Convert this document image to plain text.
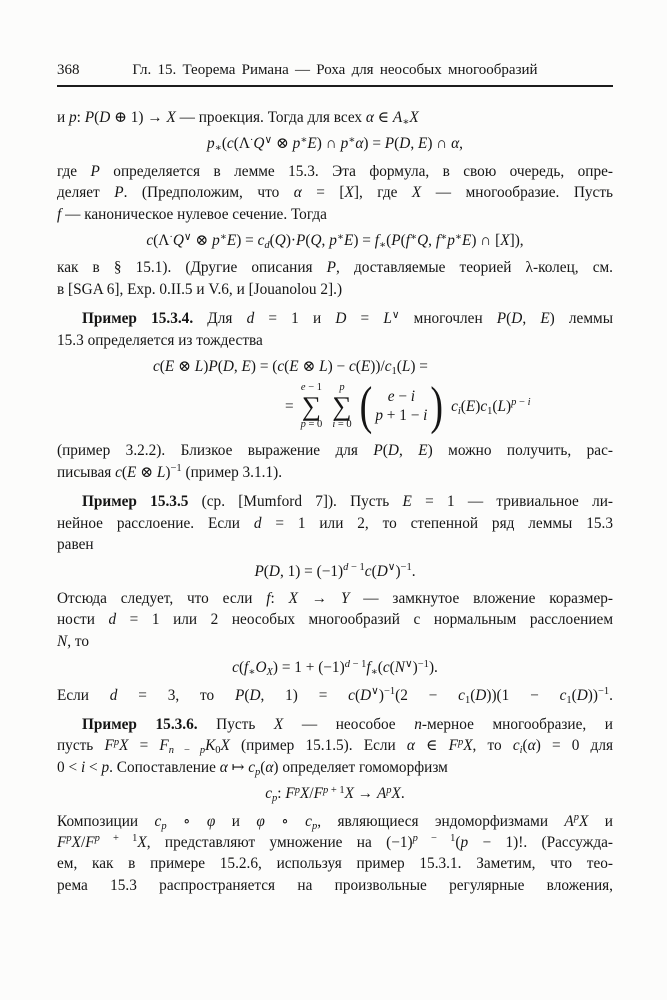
368	Гл. 15. Теорема Римана — Роха для неособых многообразий
и p: P(D ⊕ 1) → X — проекция. Тогда для всех α ∈ $A_∗X$
$p_∗(c(\Lambda^\cdot Q^\vee$ ⊗ p∗E) ∩ p∗α) = P(D, E) ∩ α,
где P определяется в лемме 15.3. Эта формула, в свою очередь, опре-
деляет P. (Предположим, что α = [X], где X — многообразие. Пусть
f — каноническое нулевое сечение. Тогда
c(Λ·Q∨ ⊗ $p^∗E) = c_d(Q)\cdot P(Q$, $p^∗E) = f_∗(P(f^∗Q$, f∗p∗E) ∩ [X]),
как в § 15.1). (Другие описания P, доставляемые теорией λ-колец, см.
в [SGA 6], Exp. 0.II.5 и V.6, и [Jouanolou 2].)
Пример 15.3.4. Для d = 1 и D = L∨ многочлен P(D, E) леммы
15.3 определяется из тождества
c(E ⊗ L)P(D, E) = (c(E ⊗ $L) - c(E))/c_1(L)$ =
=
e − 1
∑
p = 0
p
∑
i = 0 ( e − i
p + 1 − i ) $c_i(E)c_1(L)^{p - i}$
(пример 3.2.2). Близкое выражение для P(D, E) можно получить, рас-
писывая c(E ⊗ L)$^{-1}$ (пример 3.1.1).
Пример 15.3.5 (ср. [Mumford 7]). Пусть E = 1 — тривиальное ли-
нейное расслоение. Если d = 1 или 2, то степенной ряд леммы 15.3
равен
P(D, $1) = (-1)^{d - 1}c(D^\vee)^{-1}$.
Отсюда следует, что если f: X → Y — замкнутое вложение коразмер-
ности d = 1 или 2 неособых многообразий с нормальным расслоением
N, то
$c(f_∗O_X) = 1 + (-1)^{d - 1}f_∗(c(N^\vee)^{-1})$.
Если d = 3, то P(D, $1) = c(D^\vee)^{-1}(2 - c_1(D))(1 - c_1(D))^{-1}$.
Пример 15.3.6. Пусть X — неособое n-мерное многообразие, и
пусть $F^pX = F_{n - p}K_0X$ (пример 15.1.5). Если α ∈ $F^pX$, то $c_i(\alpha) = 0$ для
0 < i < p. Сопоставление α ↦ $c_p(\alpha)$ определяет гомоморфизм
$c_p$: $F^pX/F^{p + 1}X \to A^pX$.
Композиции $c_p$ ∘ φ и φ ∘ $c_p$, являющиеся эндоморфизмами $A^pX$ и
$F^pX/F^{p + 1}X$, представляют умножение на $(-1)^{p - 1}(p - 1)$!. (Рассужда-
ем, как в примере 15.2.6, используя пример 15.3.1. Заметим, что тео-
рема 15.3 распространяется на произвольные регулярные вложения,
